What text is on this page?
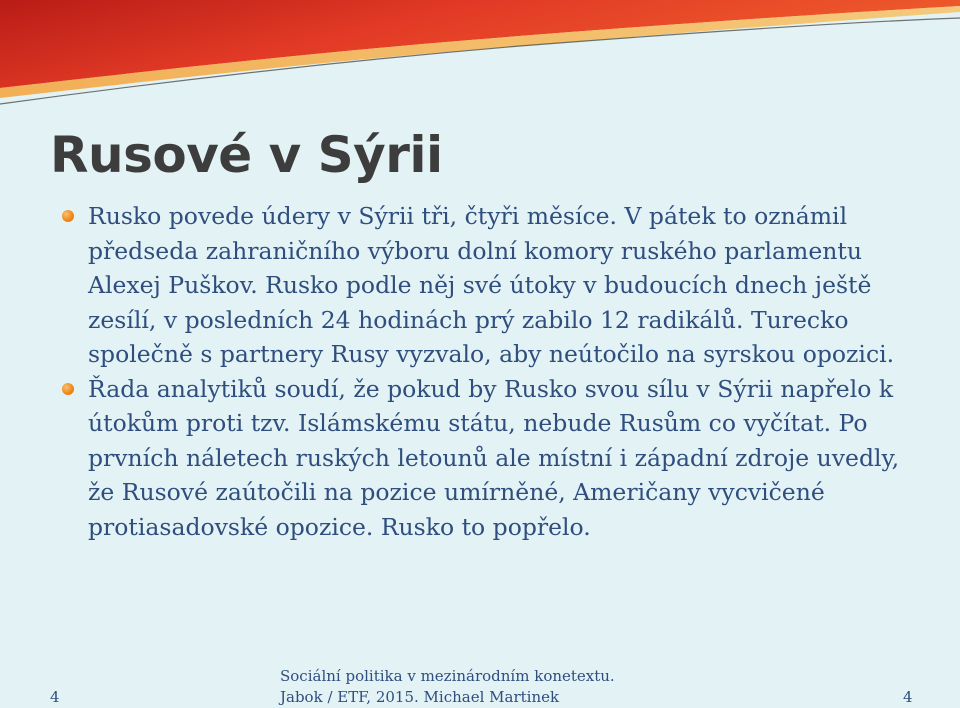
Rusové v Sýrii

Rusko povede údery v Sýrii tři, čtyři měsíce. V pátek to oznámil předseda zahraničního výboru dolní komory ruského parlamentu Alexej Puškov. Rusko podle něj své útoky v budoucích dnech ještě zesílí, v posledních 24 hodinách prý zabilo 12 radikálů. Turecko společně s partnery Rusy vyzvalo, aby neútočilo na syrskou opozici.

Řada analytiků soudí, že pokud by Rusko svou sílu v Sýrii napřelo k útokům proti tzv. Islámskému státu, nebude Rusům co vyčítat. Po prvních náletech ruských letounů ale místní i západní zdroje uvedly, že Rusové zaútočili na pozice umírněné, Američany vycvičené protiasadovské opozice. Rusko to popřelo.

4
Sociální politika v mezinárodním konetextu.
Jabok / ETF, 2015. Michael Martinek	4
